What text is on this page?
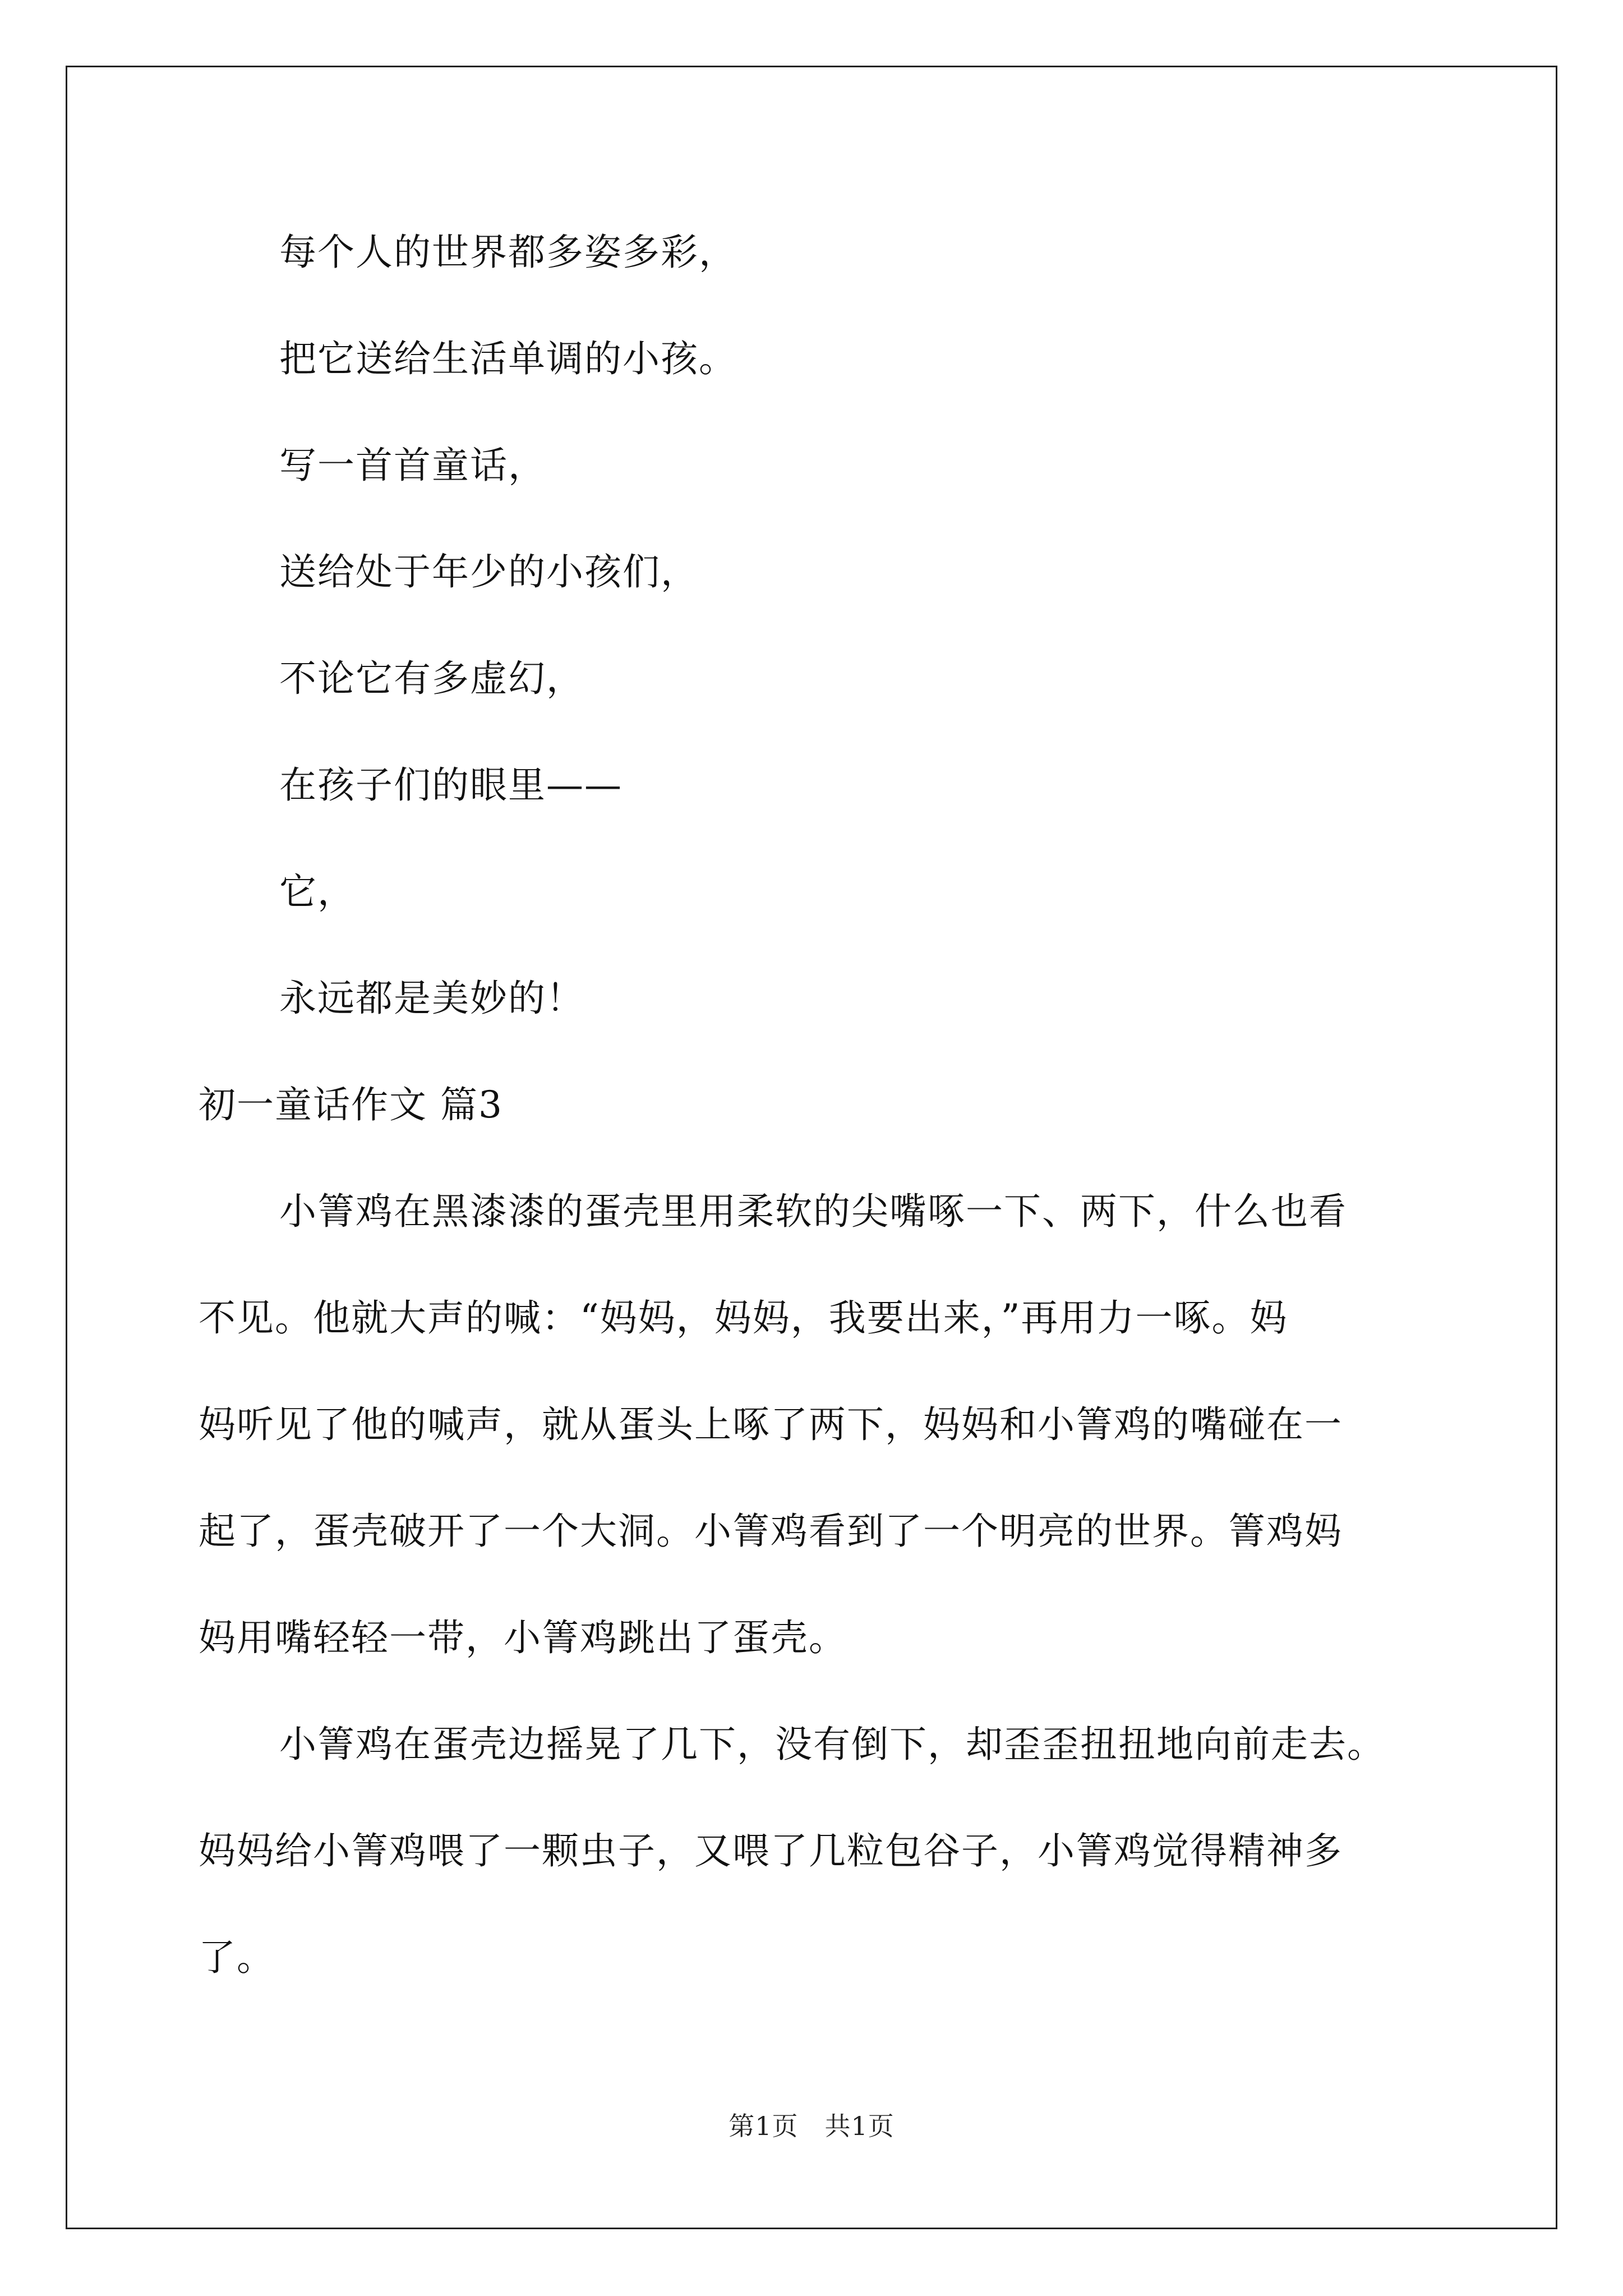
每个人的世界都多姿多彩，
把它送给生活单调的小孩。
写一首首童话，
送给处于年少的小孩们，
不论它有多虚幻，
在孩子们的眼里——
它，
永远都是美妙的！
初一童话作文 篇3
小箐鸡在黑漆漆的蛋壳里用柔软的尖嘴啄一下、两下，什么也看
不见。他就大声的喊：“妈妈，妈妈，我要出来，”再用力一啄。妈
妈听见了他的喊声，就从蛋头上啄了两下，妈妈和小箐鸡的嘴碰在一
起了，蛋壳破开了一个大洞。小箐鸡看到了一个明亮的世界。箐鸡妈
妈用嘴轻轻一带，小箐鸡跳出了蛋壳。
小箐鸡在蛋壳边摇晃了几下，没有倒下，却歪歪扭扭地向前走去。
妈妈给小箐鸡喂了一颗虫子，又喂了几粒包谷子，小箐鸡觉得精神多
了。
第1页　共1页
